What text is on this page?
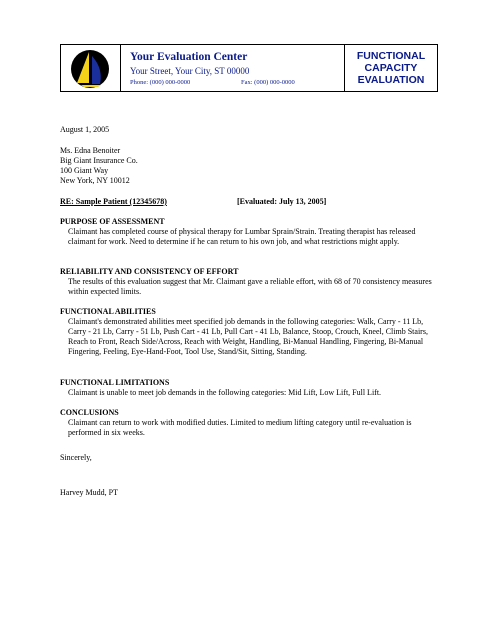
Your Evaluation Center
Your Street, Your City, ST 00000
Phone: (000) 000-0000	Fax: (000) 000-0000
FUNCTIONAL
CAPACITY
EVALUATION
August 1, 2005
Ms. Edna Benoiter
Big Giant Insurance Co.
100 Giant Way
New York, NY 10012
RE: Sample Patient (12345678)	[Evaluated: July 13, 2005]
PURPOSE OF ASSESSMENT
Claimant has completed course of physical therapy for Lumbar Sprain/Strain. Treating therapist has released claimant for work. Need to determine if he can return to his own job, and what restrictions might apply.
RELIABILITY AND CONSISTENCY OF EFFORT
The results of this evaluation suggest that Mr. Claimant gave a reliable effort, with 68 of 70 consistency measures within expected limits.
FUNCTIONAL ABILITIES
Claimant's demonstrated abilities meet specified job demands in the following categories: Walk, Carry - 11 Lb, Carry - 21 Lb, Carry - 51 Lb, Push Cart - 41 Lb, Pull Cart - 41 Lb, Balance, Stoop, Crouch, Kneel, Climb Stairs, Reach to Front, Reach Side/Across, Reach with Weight, Handling, Bi-Manual Handling, Fingering, Bi-Manual Fingering, Feeling, Eye-Hand-Foot, Tool Use, Stand/Sit, Sitting, Standing.
FUNCTIONAL LIMITATIONS
Claimant is unable to meet job demands in the following categories: Mid Lift, Low Lift, Full Lift.
CONCLUSIONS
Claimant can return to work with modified duties. Limited to medium lifting category until re-evaluation is performed in six weeks.
Sincerely,
Harvey Mudd, PT
